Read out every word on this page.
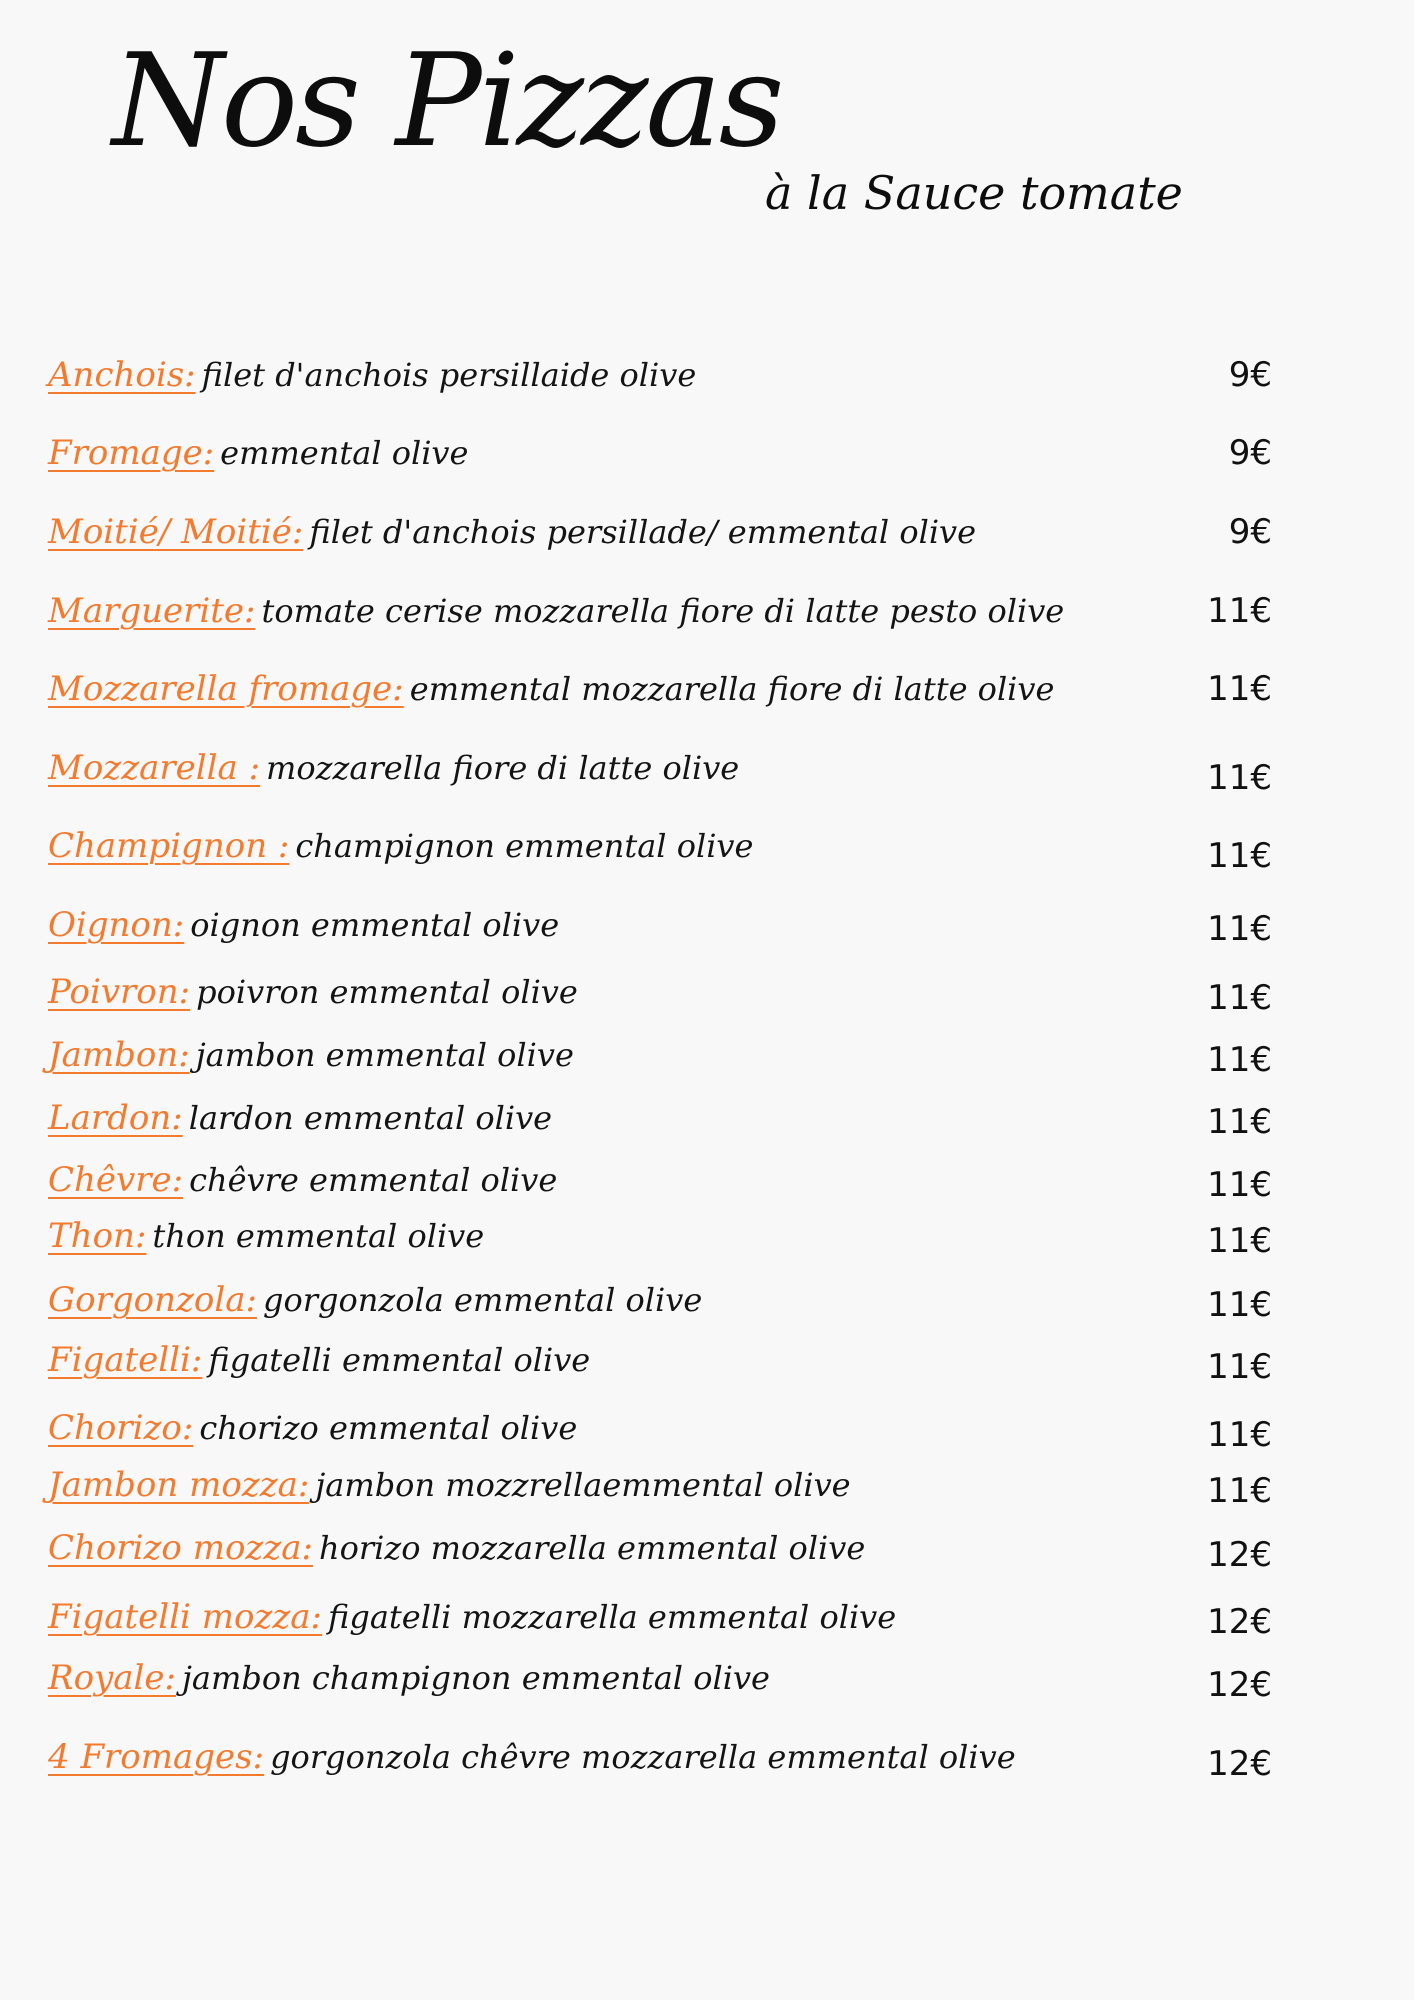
Nos Pizzas
à la Sauce tomate
Anchois: filet d'anchois persillaide olive	9€
Fromage: emmental olive	9€
Moitié/ Moitié: filet d'anchois persillade/ emmental olive	9€
Marguerite: tomate cerise mozzarella fiore di latte pesto olive	11€
Mozzarella fromage: emmental mozzarella fiore di latte olive	11€
Mozzarella : mozzarella fiore di latte olive	11€
Champignon : champignon emmental olive	11€
Oignon: oignon emmental olive	11€
Poivron: poivron emmental olive	11€
Jambon: jambon emmental olive	11€
Lardon: lardon emmental olive	11€
Chêvre: chêvre emmental olive	11€
Thon: thon emmental olive	11€
Gorgonzola: gorgonzola emmental olive	11€
Figatelli: figatelli emmental olive	11€
Chorizo: chorizo emmental olive	11€
Jambon mozza: jambon mozzrellaemmental olive	11€
Chorizo mozza: horizo mozzarella emmental olive	12€
Figatelli mozza: figatelli mozzarella emmental olive	12€
Royale: jambon champignon emmental olive	12€
4 Fromages: gorgonzola chêvre mozzarella emmental olive	12€
